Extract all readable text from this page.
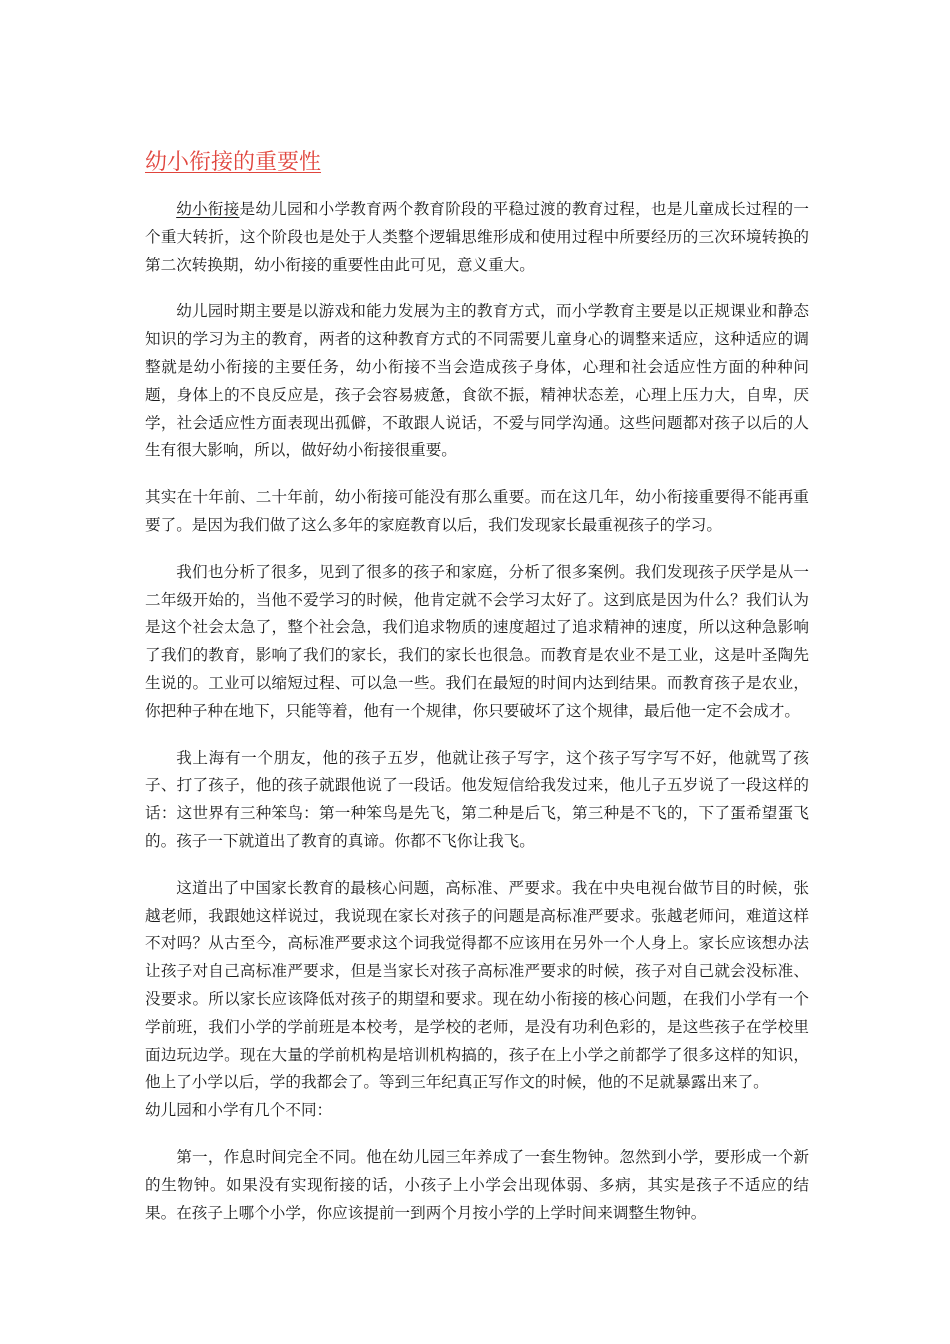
幼小衔接的重要性

幼小衔接是幼儿园和小学教育两个教育阶段的平稳过渡的教育过程，也是儿童成长过程的一个重大转折，这个阶段也是处于人类整个逻辑思维形成和使用过程中所要经历的三次环境转换的第二次转换期，幼小衔接的重要性由此可见，意义重大。

幼儿园时期主要是以游戏和能力发展为主的教育方式，而小学教育主要是以正规课业和静态知识的学习为主的教育，两者的这种教育方式的不同需要儿童身心的调整来适应，这种适应的调整就是幼小衔接的主要任务，幼小衔接不当会造成孩子身体，心理和社会适应性方面的种种问题，身体上的不良反应是，孩子会容易疲惫，食欲不振，精神状态差，心理上压力大，自卑，厌学，社会适应性方面表现出孤僻，不敢跟人说话，不爱与同学沟通。这些问题都对孩子以后的人生有很大影响，所以，做好幼小衔接很重要。

其实在十年前、二十年前，幼小衔接可能没有那么重要。而在这几年，幼小衔接重要得不能再重要了。是因为我们做了这么多年的家庭教育以后，我们发现家长最重视孩子的学习。

我们也分析了很多，见到了很多的孩子和家庭，分析了很多案例。我们发现孩子厌学是从一二年级开始的，当他不爱学习的时候，他肯定就不会学习太好了。这到底是因为什么？我们认为是这个社会太急了，整个社会急，我们追求物质的速度超过了追求精神的速度，所以这种急影响了我们的教育，影响了我们的家长，我们的家长也很急。而教育是农业不是工业，这是叶圣陶先生说的。工业可以缩短过程、可以急一些。我们在最短的时间内达到结果。而教育孩子是农业，你把种子种在地下，只能等着，他有一个规律，你只要破坏了这个规律，最后他一定不会成才。

我上海有一个朋友，他的孩子五岁，他就让孩子写字，这个孩子写字写不好，他就骂了孩子、打了孩子，他的孩子就跟他说了一段话。他发短信给我发过来，他儿子五岁说了一段这样的话：这世界有三种笨鸟：第一种笨鸟是先飞，第二种是后飞，第三种是不飞的，下了蛋希望蛋飞的。孩子一下就道出了教育的真谛。你都不飞你让我飞。

这道出了中国家长教育的最核心问题，高标准、严要求。我在中央电视台做节目的时候，张越老师，我跟她这样说过，我说现在家长对孩子的问题是高标准严要求。张越老师问，难道这样不对吗？从古至今，高标准严要求这个词我觉得都不应该用在另外一个人身上。家长应该想办法让孩子对自己高标准严要求，但是当家长对孩子高标准严要求的时候，孩子对自己就会没标准、没要求。所以家长应该降低对孩子的期望和要求。现在幼小衔接的核心问题，在我们小学有一个学前班，我们小学的学前班是本校考，是学校的老师，是没有功利色彩的，是这些孩子在学校里面边玩边学。现在大量的学前机构是培训机构搞的，孩子在上小学之前都学了很多这样的知识，他上了小学以后，学的我都会了。等到三年纪真正写作文的时候，他的不足就暴露出来了。

幼儿园和小学有几个不同：

第一，作息时间完全不同。他在幼儿园三年养成了一套生物钟。忽然到小学，要形成一个新的生物钟。如果没有实现衔接的话，小孩子上小学会出现体弱、多病，其实是孩子不适应的结果。在孩子上哪个小学，你应该提前一到两个月按小学的上学时间来调整生物钟。
